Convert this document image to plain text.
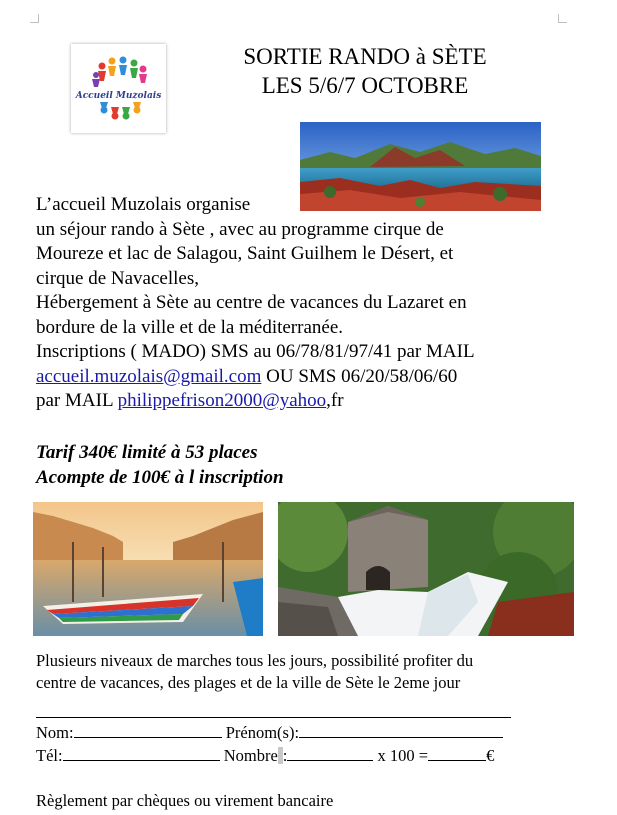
Accueil Muzolais
SORTIE RANDO à SÈTE
LES 5/6/7 OCTOBRE
L’accueil Muzolais organise
un séjour rando à Sète , avec au programme cirque de
Moureze et lac de Salagou, Saint Guilhem le Désert, et
cirque de Navacelles,
Hébergement à Sète au centre de vacances du Lazaret en
bordure de la ville et de la méditerranée.
Inscriptions ( MADO) SMS au 06/78/81/97/41 par MAIL
accueil.muzolais@gmail.com OU SMS 06/20/58/06/60
par MAIL philippefrison2000@yahoo,fr
Tarif 340€ limité à 53 places
Acompte de 100€ à l inscription
Plusieurs niveaux de marches tous les jours, possibilité profiter du
centre de vacances, des plages et de la ville de Sète le 2eme jour
Nom:	Prénom(s):
Tél:	Nombre :	x 100 =	€
Règlement par chèques ou virement bancaire
